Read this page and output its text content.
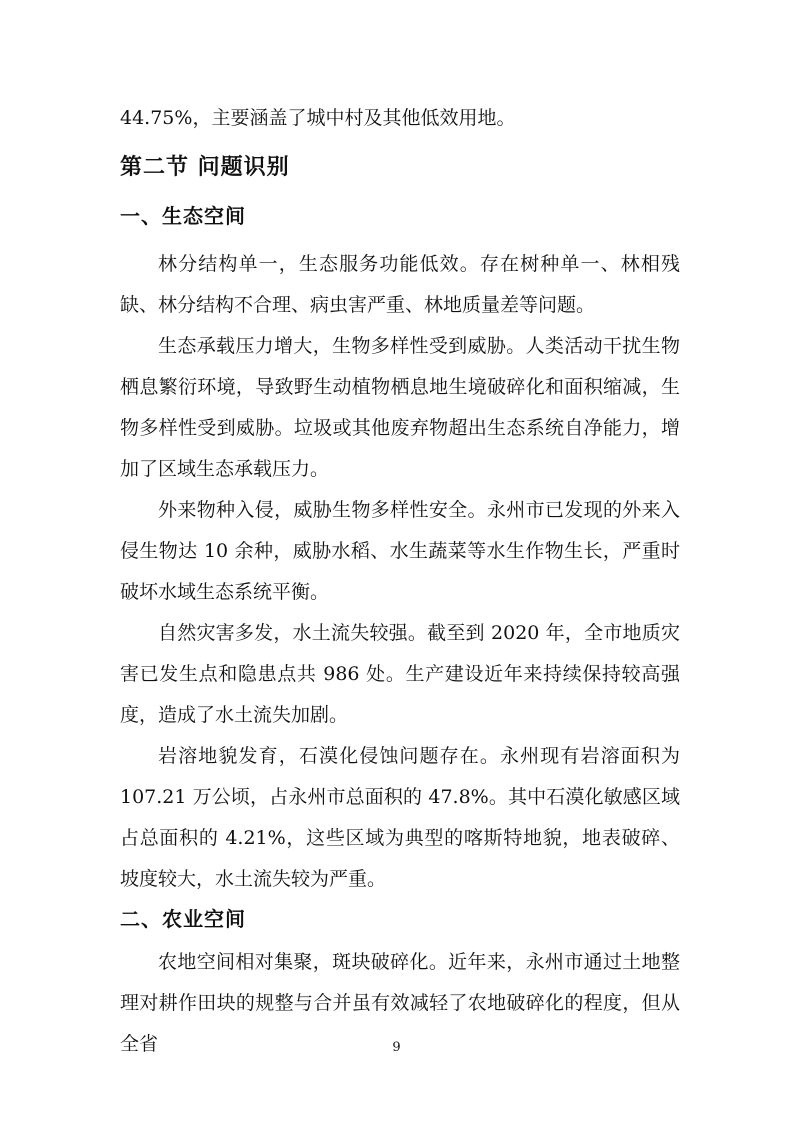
44.75%，主要涵盖了城中村及其他低效用地。
第二节 问题识别
一、生态空间
林分结构单一，生态服务功能低效。存在树种单一、林相残缺、林分结构不合理、病虫害严重、林地质量差等问题。
生态承载压力增大，生物多样性受到威胁。人类活动干扰生物栖息繁衍环境，导致野生动植物栖息地生境破碎化和面积缩减，生物多样性受到威胁。垃圾或其他废弃物超出生态系统自净能力，增加了区域生态承载压力。
外来物种入侵，威胁生物多样性安全。永州市已发现的外来入侵生物达 10 余种，威胁水稻、水生蔬菜等水生作物生长，严重时破坏水域生态系统平衡。
自然灾害多发，水土流失较强。截至到 2020 年，全市地质灾害已发生点和隐患点共 986 处。生产建设近年来持续保持较高强度，造成了水土流失加剧。
岩溶地貌发育，石漠化侵蚀问题存在。永州现有岩溶面积为 107.21 万公顷，占永州市总面积的 47.8%。其中石漠化敏感区域占总面积的 4.21%，这些区域为典型的喀斯特地貌，地表破碎、坡度较大，水土流失较为严重。
二、农业空间
农地空间相对集聚，斑块破碎化。近年来，永州市通过土地整理对耕作田块的规整与合并虽有效减轻了农地破碎化的程度，但从全省	9
